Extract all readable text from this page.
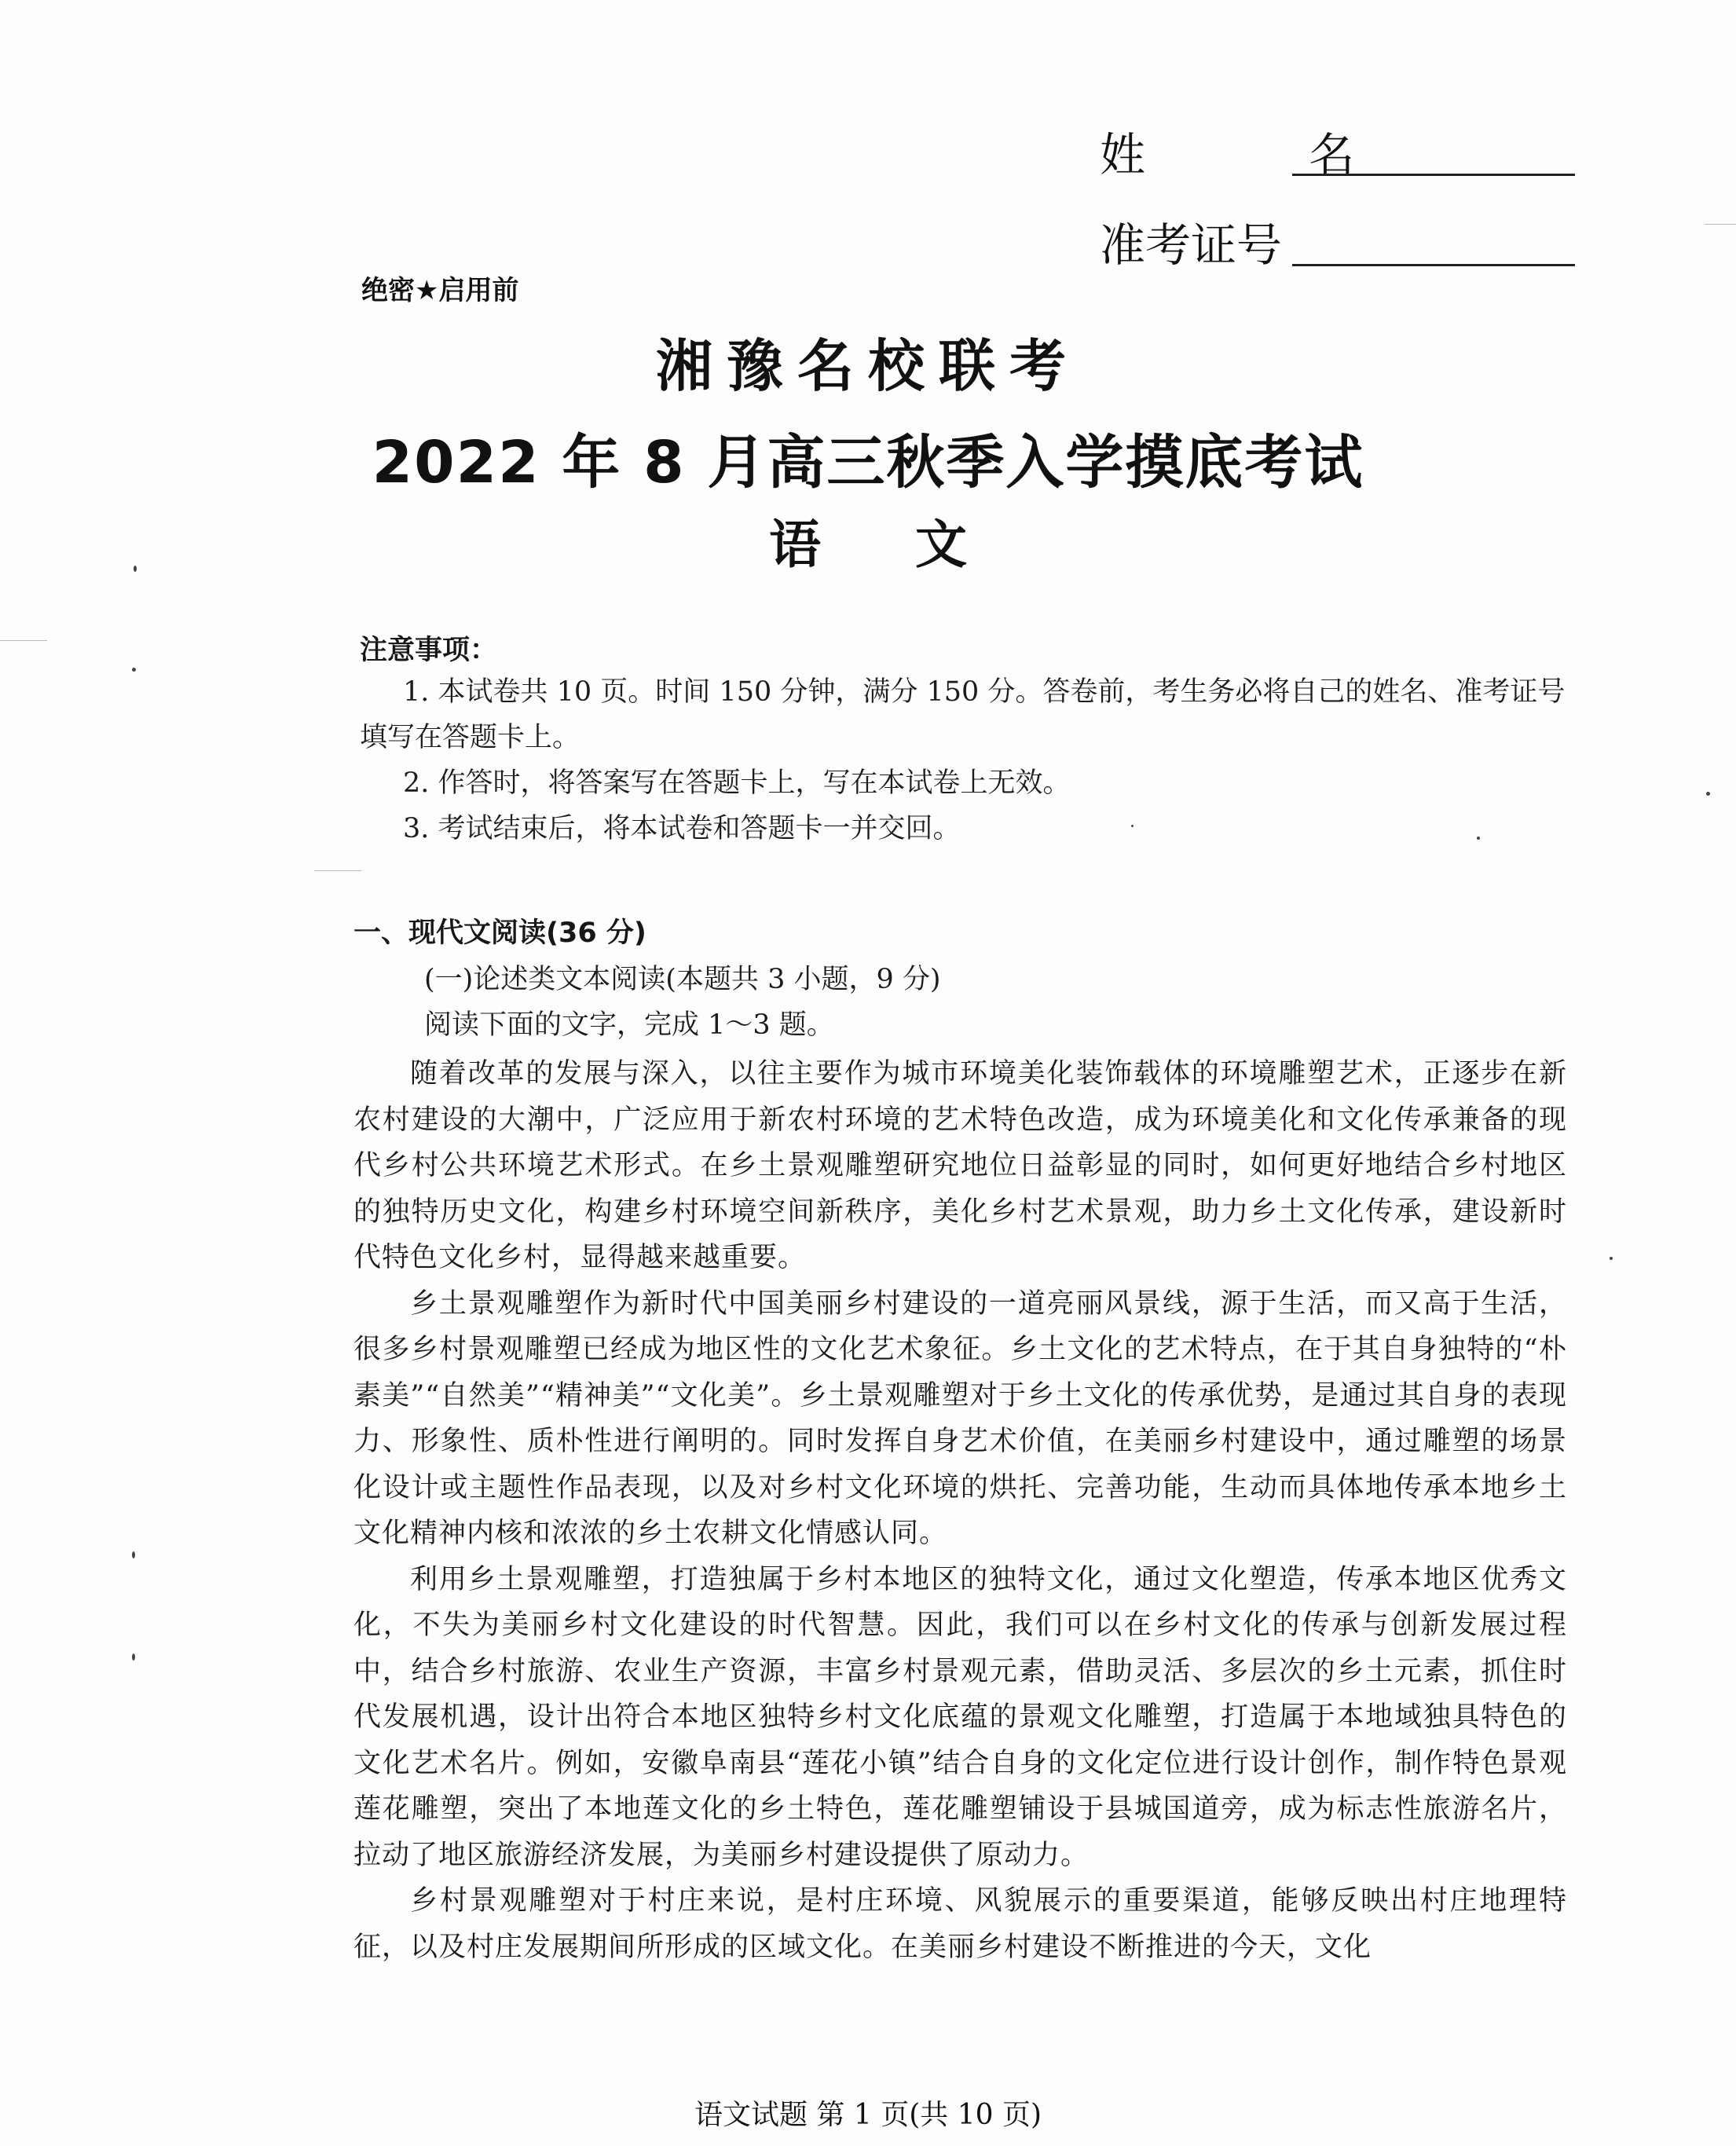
姓 名
准考证号
绝密★启用前
湘豫名校联考
2022 年 8 月高三秋季入学摸底考试
语文
注意事项：

1. 本试卷共 10 页。时间 150 分钟，满分 150 分。答卷前，考生务必将自己的姓名、准考证号填写在答题卡上。

2. 作答时，将答案写在答题卡上，写在本试卷上无效。

3. 考试结束后，将本试卷和答题卡一并交回。

一、现代文阅读(36 分)
(一)论述类文本阅读(本题共 3 小题，9 分)
阅读下面的文字，完成 1～3 题。

随着改革的发展与深入，以往主要作为城市环境美化装饰载体的环境雕塑艺术，正逐步在新农村建设的大潮中，广泛应用于新农村环境的艺术特色改造，成为环境美化和文化传承兼备的现代乡村公共环境艺术形式。在乡土景观雕塑研究地位日益彰显的同时，如何更好地结合乡村地区的独特历史文化，构建乡村环境空间新秩序，美化乡村艺术景观，助力乡土文化传承，建设新时代特色文化乡村，显得越来越重要。

乡土景观雕塑作为新时代中国美丽乡村建设的一道亮丽风景线，源于生活，而又高于生活，很多乡村景观雕塑已经成为地区性的文化艺术象征。乡土文化的艺术特点，在于其自身独特的“朴素美”“自然美”“精神美”“文化美”。乡土景观雕塑对于乡土文化的传承优势，是通过其自身的表现力、形象性、质朴性进行阐明的。同时发挥自身艺术价值，在美丽乡村建设中，通过雕塑的场景化设计或主题性作品表现，以及对乡村文化环境的烘托、完善功能，生动而具体地传承本地乡土文化精神内核和浓浓的乡土农耕文化情感认同。

利用乡土景观雕塑，打造独属于乡村本地区的独特文化，通过文化塑造，传承本地区优秀文化，不失为美丽乡村文化建设的时代智慧。因此，我们可以在乡村文化的传承与创新发展过程中，结合乡村旅游、农业生产资源，丰富乡村景观元素，借助灵活、多层次的乡土元素，抓住时代发展机遇，设计出符合本地区独特乡村文化底蕴的景观文化雕塑，打造属于本地域独具特色的文化艺术名片。例如，安徽阜南县“莲花小镇”结合自身的文化定位进行设计创作，制作特色景观莲花雕塑，突出了本地莲文化的乡土特色，莲花雕塑铺设于县城国道旁，成为标志性旅游名片，拉动了地区旅游经济发展，为美丽乡村建设提供了原动力。

乡村景观雕塑对于村庄来说，是村庄环境、风貌展示的重要渠道，能够反映出村庄地理特征，以及村庄发展期间所形成的区域文化。在美丽乡村建设不断推进的今天，文化

语文试题 第 1 页(共 10 页)
